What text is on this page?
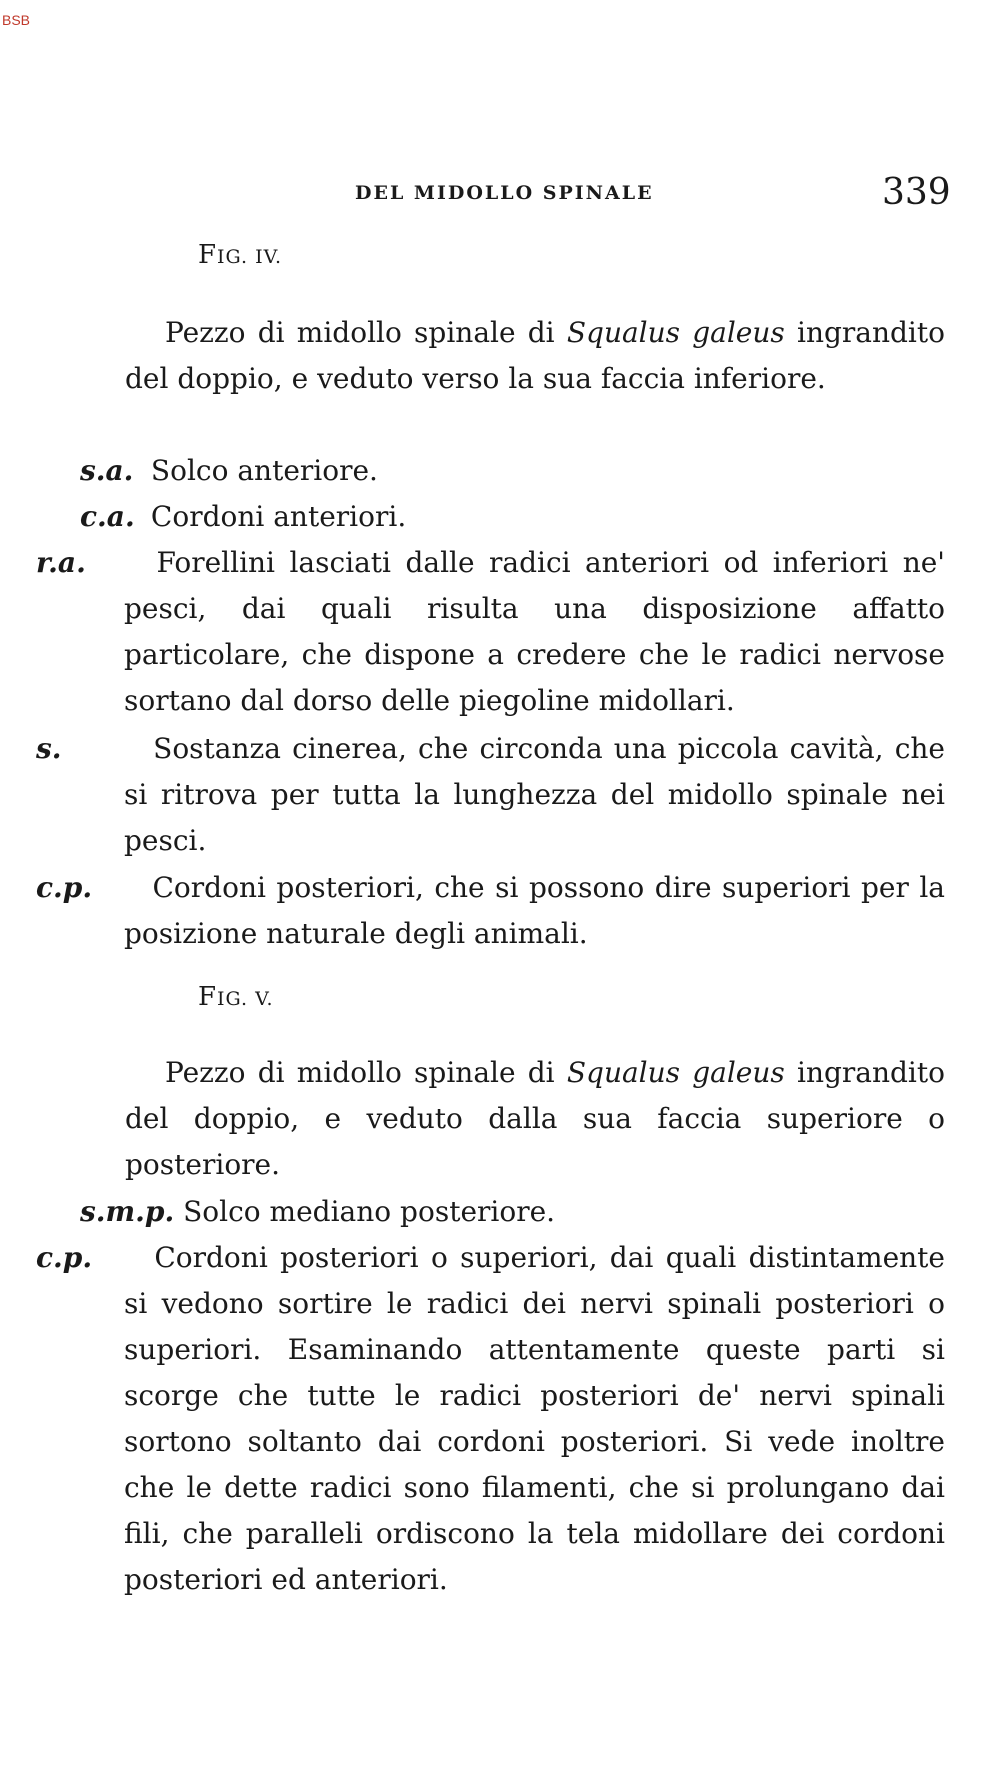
BSB
DEL MIDOLLO SPINALE	339
FIG. IV.
Pezzo di midollo spinale di Squalus galeus ingrandito del doppio, e veduto verso la sua faccia inferiore.
s.a. Solco anteriore.
c.a. Cordoni anteriori.
r.a.	Forellini lasciati dalle radici anteriori od inferiori ne' pesci, dai quali risulta una disposizione affatto particolare, che dispone a credere che le radici nervose sortano dal dorso delle piegoline midollari.
s.	Sostanza cinerea, che circonda una piccola cavità, che si ritrova per tutta la lunghezza del midollo spinale nei pesci.
c.p. Cordoni posteriori, che si possono dire superiori per la posizione naturale degli animali.
FIG. V.
Pezzo di midollo spinale di Squalus galeus ingrandito del doppio, e veduto dalla sua faccia superiore o posteriore.
s.m.p. Solco mediano posteriore.
c.p. Cordoni posteriori o superiori, dai quali distintamente si vedono sortire le radici dei nervi spinali posteriori o superiori. Esaminando attentamente queste parti si scorge che tutte le radici posteriori de' nervi spinali sortono soltanto dai cordoni posteriori. Si vede inoltre che le dette radici sono filamenti, che si prolungano dai fili, che paralleli ordiscono la tela midollare dei cordoni posteriori ed anteriori.
